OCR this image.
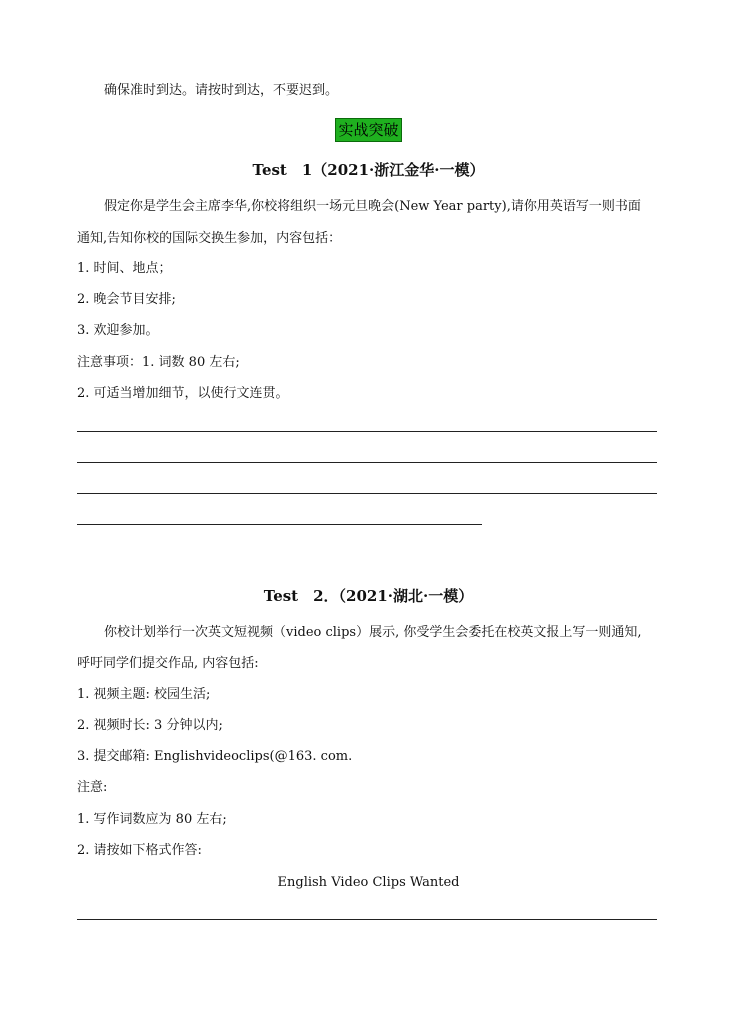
确保准时到达。请按时到达，不要迟到。
实战突破
Test　1（2021·浙江金华·一模）
假定你是学生会主席李华,你校将组织一场元旦晚会(New Year party),请你用英语写一则书面
通知,告知你校的国际交换生参加，内容包括：
1. 时间、地点；
2. 晚会节目安排;
3. 欢迎参加。
注意事项：1. 词数 80 左右;
2. 可适当增加细节，以使行文连贯。
Test　2．（2021·湖北·一模）
你校计划举行一次英文短视频（video clips）展示, 你受学生会委托在校英文报上写一则通知,
呼吁同学们提交作品, 内容包括:
1. 视频主题: 校园生活;
2. 视频时长: 3 分钟以内;
3. 提交邮箱: Englishvideoclips(@163. com.
注意:
1. 写作词数应为 80 左右;
2. 请按如下格式作答:
English Video Clips Wanted
